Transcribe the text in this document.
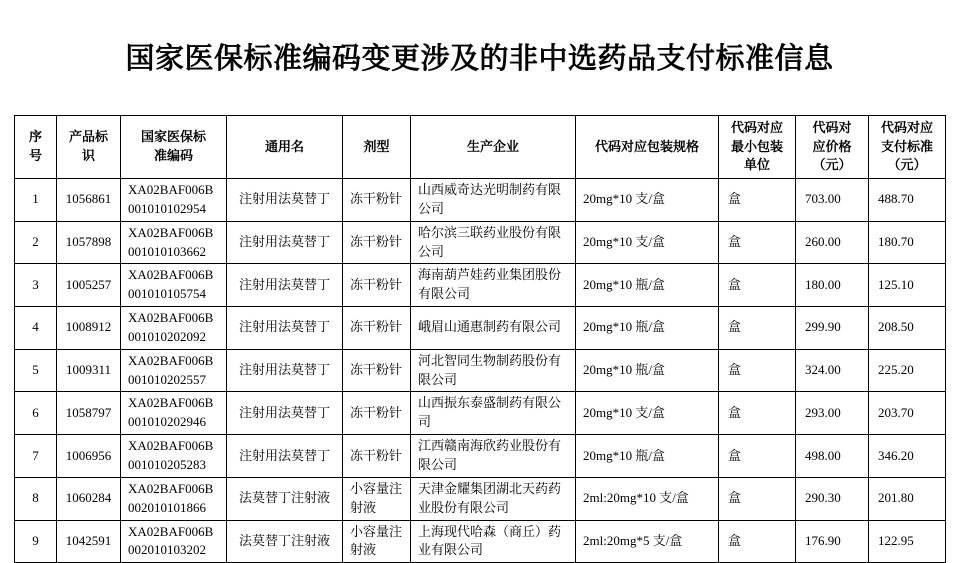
国家医保标准编码变更涉及的非中选药品支付标准信息
序号	产品标识	国家医保标准编码	通用名	剂型	生产企业	代码对应包装规格	代码对应最小包装单位	代码对应价格（元）	代码对应支付标准（元）
1	1056861	XA02BAF006B001010102954	注射用法莫替丁	冻干粉针	山西威奇达光明制药有限公司	20mg*10 支/盒	盒	703.00	488.70
2	1057898	XA02BAF006B001010103662	注射用法莫替丁	冻干粉针	哈尔滨三联药业股份有限公司	20mg*10 支/盒	盒	260.00	180.70
3	1005257	XA02BAF006B001010105754	注射用法莫替丁	冻干粉针	海南葫芦娃药业集团股份有限公司	20mg*10 瓶/盒	盒	180.00	125.10
4	1008912	XA02BAF006B001010202092	注射用法莫替丁	冻干粉针	峨眉山通惠制药有限公司	20mg*10 瓶/盒	盒	299.90	208.50
5	1009311	XA02BAF006B001010202557	注射用法莫替丁	冻干粉针	河北智同生物制药股份有限公司	20mg*10 瓶/盒	盒	324.00	225.20
6	1058797	XA02BAF006B001010202946	注射用法莫替丁	冻干粉针	山西振东泰盛制药有限公司	20mg*10 支/盒	盒	293.00	203.70
7	1006956	XA02BAF006B001010205283	注射用法莫替丁	冻干粉针	江西赣南海欣药业股份有限公司	20mg*10 瓶/盒	盒	498.00	346.20
8	1060284	XA02BAF006B002010101866	法莫替丁注射液	小容量注射液	天津金耀集团湖北天药药业股份有限公司	2ml:20mg*10 支/盒	盒	290.30	201.80
9	1042591	XA02BAF006B002010103202	法莫替丁注射液	小容量注射液	上海现代哈森（商丘）药业有限公司	2ml:20mg*5 支/盒	盒	176.90	122.95
